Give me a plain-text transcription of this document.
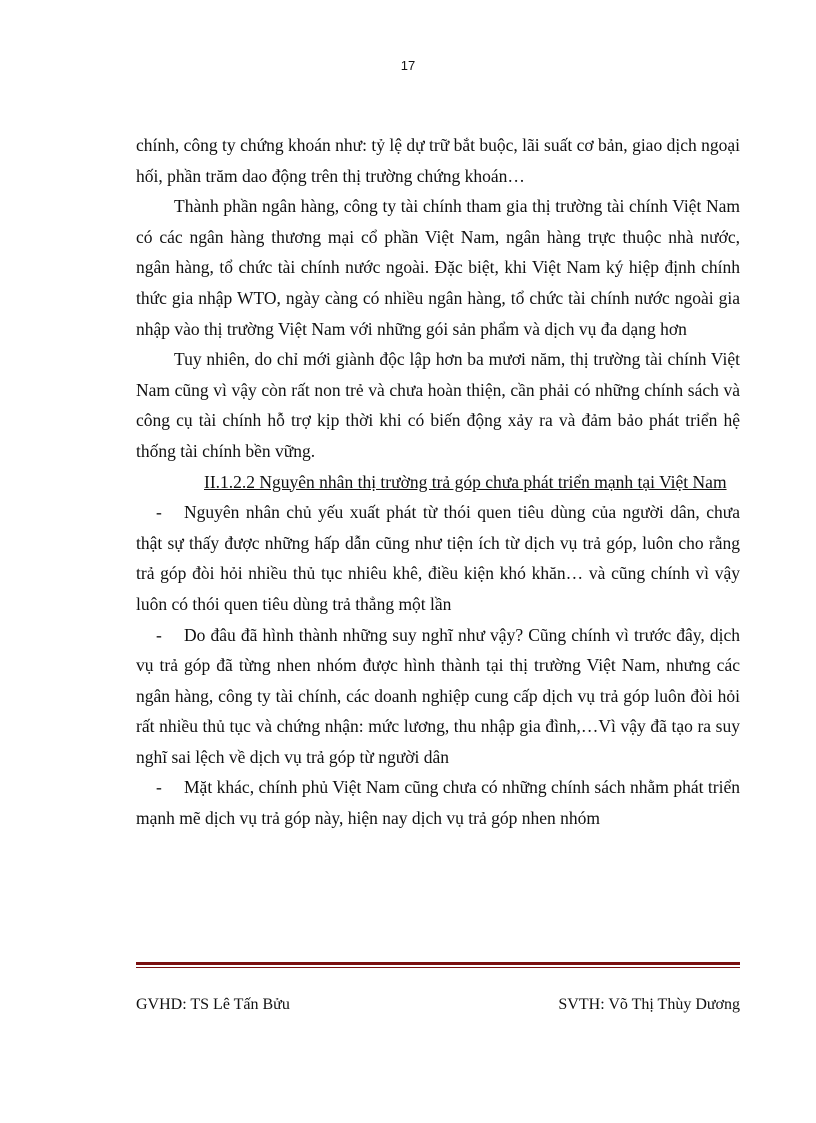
17

chính, công ty chứng khoán như: tỷ lệ dự trữ bắt buộc, lãi suất cơ bản, giao dịch ngoại hối, phần trăm dao động trên thị trường chứng khoán…

Thành phần ngân hàng, công ty tài chính tham gia thị trường tài chính Việt Nam có các ngân hàng thương mại cổ phần Việt Nam, ngân hàng trực thuộc nhà nước, ngân hàng, tổ chức tài chính nước ngoài. Đặc biệt, khi Việt Nam ký hiệp định chính thức gia nhập WTO, ngày càng có nhiều ngân hàng, tổ chức tài chính nước ngoài gia nhập vào thị trường Việt Nam với những gói sản phẩm và dịch vụ đa dạng hơn

Tuy nhiên, do chỉ mới giành độc lập hơn ba mươi năm, thị trường tài chính Việt Nam cũng vì vậy còn rất non trẻ và chưa hoàn thiện, cần phải có những chính sách và công cụ tài chính hỗ trợ kịp thời khi có biến động xảy ra và đảm bảo phát triển hệ thống tài chính bền vững.

II.1.2.2 Nguyên nhân thị trường trả góp chưa phát triển mạnh tại Việt Nam

- Nguyên nhân chủ yếu xuất phát từ thói quen tiêu dùng của người dân, chưa thật sự thấy được những hấp dẫn cũng như tiện ích từ dịch vụ trả góp, luôn cho rằng trả góp đòi hỏi nhiều thủ tục nhiêu khê, điều kiện khó khăn… và cũng chính vì vậy luôn có thói quen tiêu dùng trả thẳng một lần

- Do đâu đã hình thành những suy nghĩ như vậy? Cũng chính vì trước đây, dịch vụ trả góp đã từng nhen nhóm được hình thành tại thị trường Việt Nam, nhưng các ngân hàng, công ty tài chính, các doanh nghiệp cung cấp dịch vụ trả góp luôn đòi hỏi rất nhiều thủ tục và chứng nhận: mức lương, thu nhập gia đình,…Vì vậy đã tạo ra suy nghĩ sai lệch về dịch vụ trả góp từ người dân

- Mặt khác, chính phủ Việt Nam cũng chưa có những chính sách nhằm phát triển mạnh mẽ dịch vụ trả góp này, hiện nay dịch vụ trả góp nhen nhóm

GVHD: TS Lê Tấn Bửu	SVTH: Võ Thị Thùy Dương
